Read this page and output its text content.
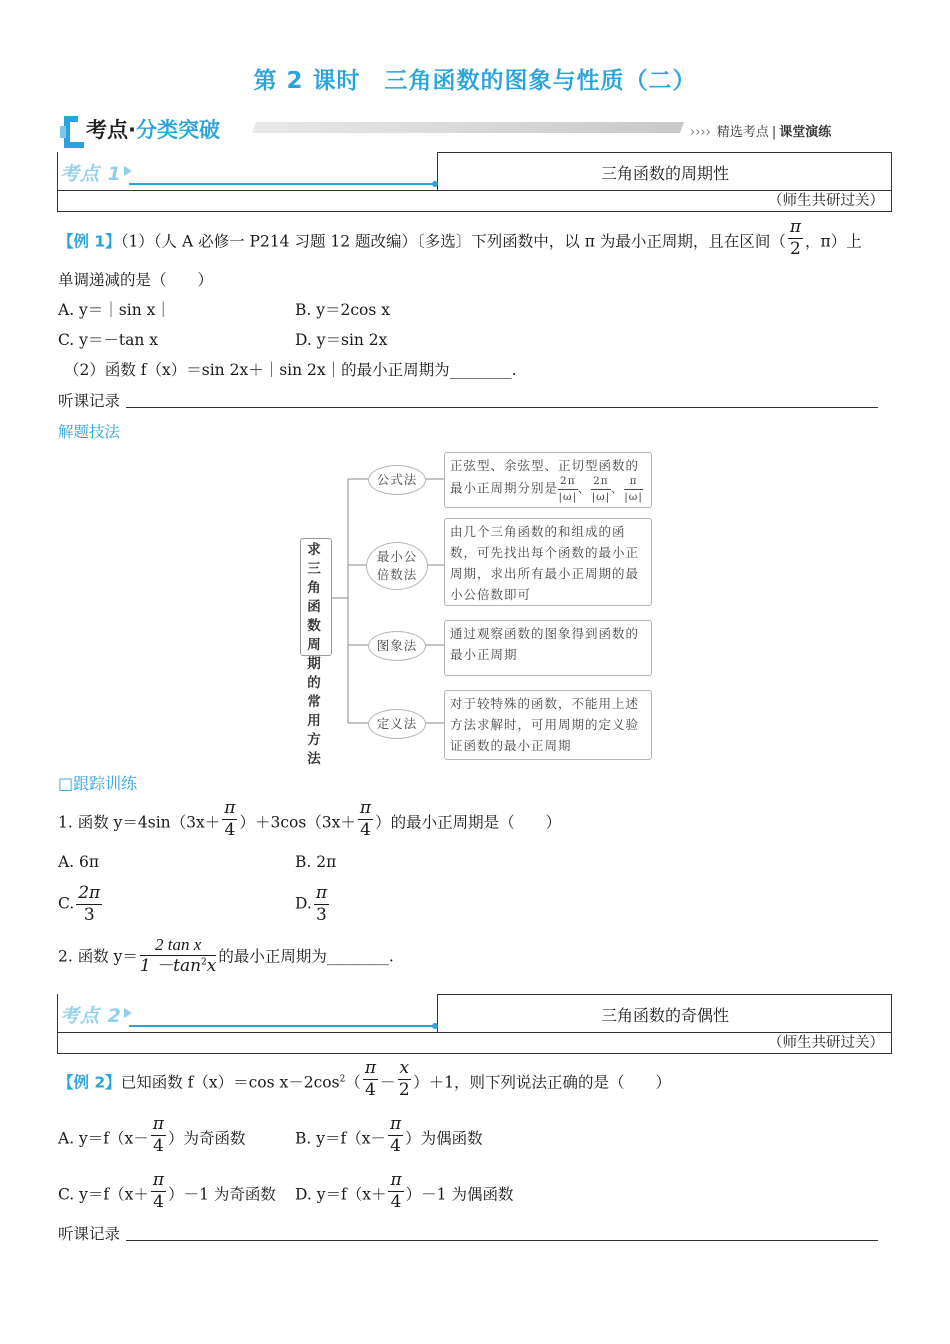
第 2 课时　三角函数的图象与性质（二）
考点·分类突破	›››› 精选考点 | 课堂演练
考点 1	三角函数的周期性
（师生共研过关）
【例 1】（1）（人 A 必修一 P214 习题 12 题改编）〔多选〕下列函数中，以 π 为最小正周期，且在区间（ $\frac{\pi}{2}$ ，π）上
单调递减的是（　　）
A. y＝｜sin x｜	B. y＝2cos x
C. y＝－tan x	D. y＝sin 2x
（2）函数 f（x）＝sin 2x＋｜sin 2x｜的最小正周期为________.
听课记录
解题技法
求三角函数周期的常用方法
公式法
正弦型、余弦型、正切型函数的
最小正周期分别是 $\frac{2\pi}{|\omega|}$ 、 $\frac{2\pi}{|\omega|}$ 、 $\frac{\pi}{|\omega|}$
最小公
倍数法
由几个三角函数的和组成的函数，可先找出每个函数的最小正周期，求出所有最小正周期的最小公倍数即可
图象法
通过观察函数的图象得到函数的最小正周期
定义法
对于较特殊的函数，不能用上述方法求解时，可用周期的定义验证函数的最小正周期
□跟踪训练
1. 函数 $y=4\sin(3x+ \frac{\pi}{4} )+3\cos(3x+ \frac{\pi}{4}$ ）的最小正周期是（　　）
A. 6π	B. 2π
C. $\frac{2\pi}{3}$	D. $\frac{\pi}{3}$
2. 函数 $y= \frac{\text{2 tan x}}{1 -\tan^2x}$ 的最小正周期为________.
考点 2	三角函数的奇偶性
（师生共研过关）
【例 2】已知函数 f（x）＝cos $x-2\cos^2( \frac{\pi}{4} - \frac{x}{2} )+1$，则下列说法正确的是（　　）
A. $y=f(x- \frac{\pi}{4}$ ）为奇函数	B. $y=f(x- \frac{\pi}{4}$ ）为偶函数
C. $y=f(x+ \frac{\pi}{4} )-1$ 为奇函数 D. $y=f(x+ \frac{\pi}{4} )-1$ 为偶函数
听课记录
